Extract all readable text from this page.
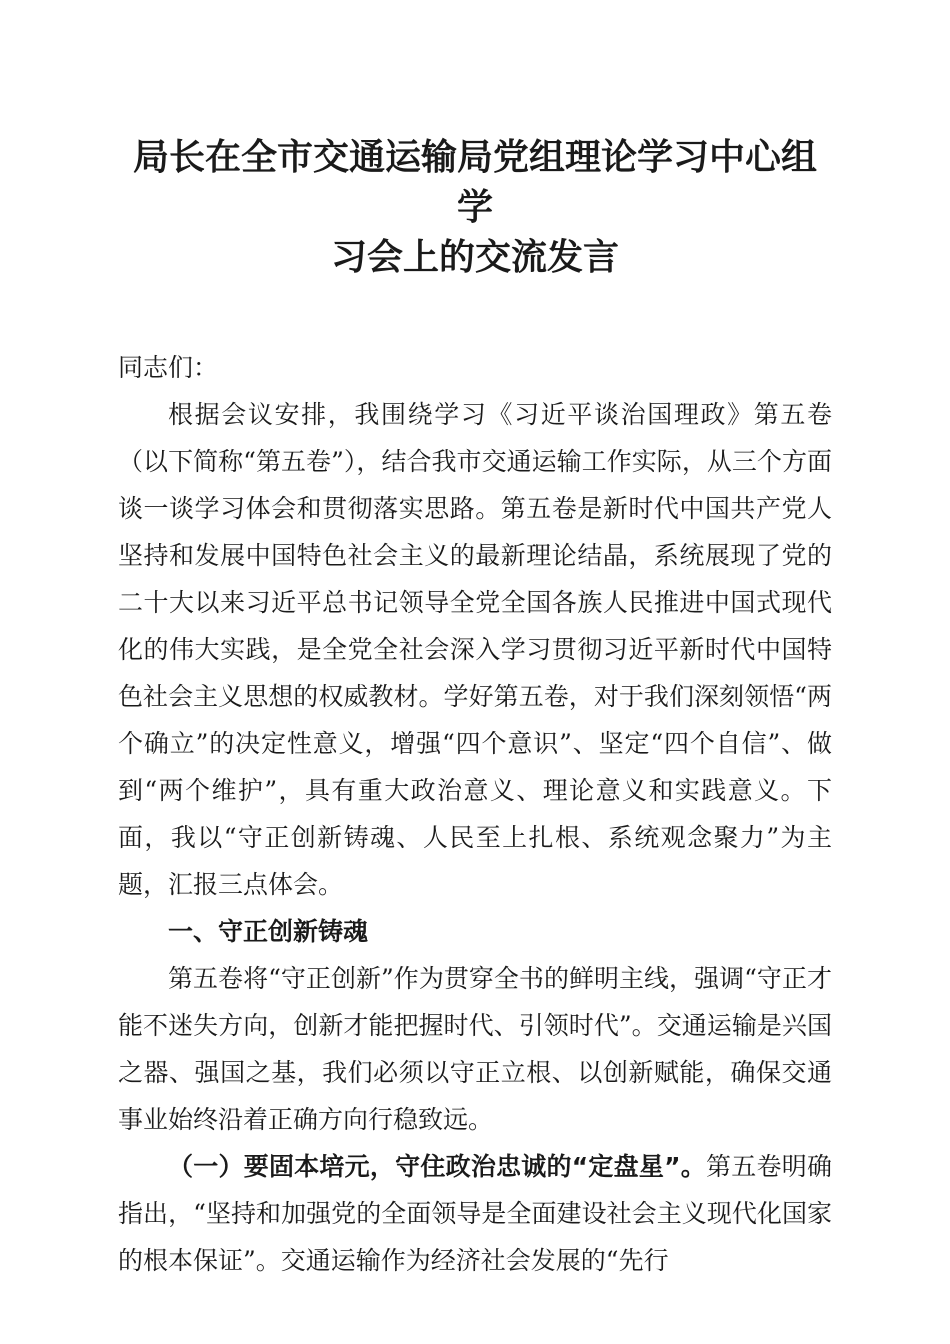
局长在全市交通运输局党组理论学习中心组学
习会上的交流发言

同志们：

根据会议安排，我围绕学习《习近平谈治国理政》第五卷（以下简称“第五卷”），结合我市交通运输工作实际，从三个方面谈一谈学习体会和贯彻落实思路。第五卷是新时代中国共产党人坚持和发展中国特色社会主义的最新理论结晶，系统展现了党的二十大以来习近平总书记领导全党全国各族人民推进中国式现代化的伟大实践，是全党全社会深入学习贯彻习近平新时代中国特色社会主义思想的权威教材。学好第五卷，对于我们深刻领悟“两个确立”的决定性意义，增强“四个意识”、坚定“四个自信”、做到“两个维护”，具有重大政治意义、理论意义和实践意义。下面，我以“守正创新铸魂、人民至上扎根、系统观念聚力”为主题，汇报三点体会。

一、守正创新铸魂

第五卷将“守正创新”作为贯穿全书的鲜明主线，强调“守正才能不迷失方向，创新才能把握时代、引领时代”。交通运输是兴国之器、强国之基，我们必须以守正立根、以创新赋能，确保交通事业始终沿着正确方向行稳致远。

（一）要固本培元，守住政治忠诚的“定盘星”。第五卷明确指出，“坚持和加强党的全面领导是全面建设社会主义现代化国家的根本保证”。交通运输作为经济社会发展的“先行
